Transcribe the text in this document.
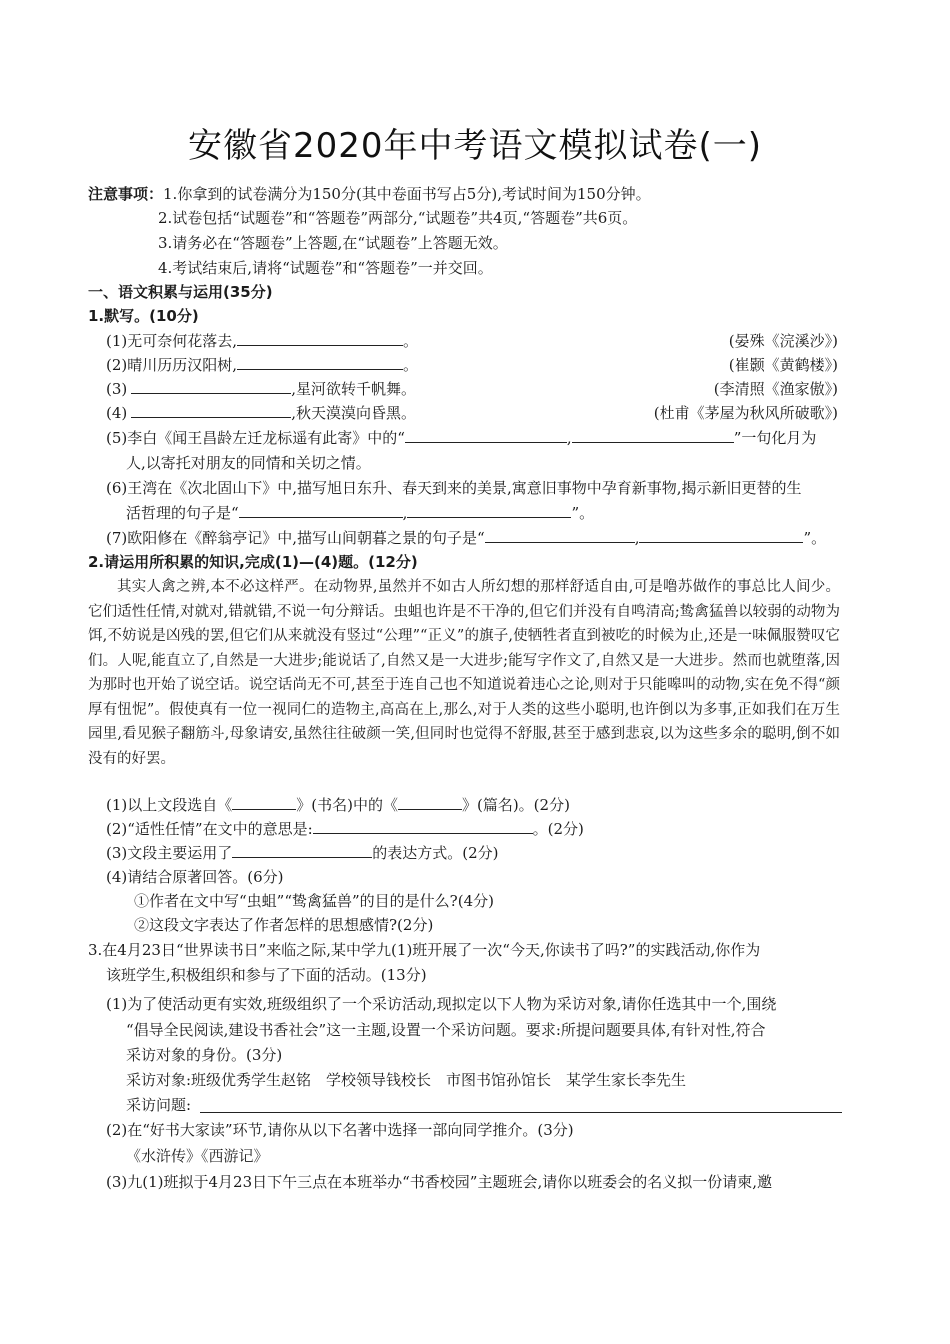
安徽省2020年中考语文模拟试卷(一)
注意事项：1.你拿到的试卷满分为150分(其中卷面书写占5分),考试时间为150分钟。
2.试卷包括“试题卷”和“答题卷”两部分,“试题卷”共4页,“答题卷”共6页。
3.请务必在“答题卷”上答题,在“试题卷”上答题无效。
4.考试结束后,请将“试题卷”和“答题卷”一并交回。
一、语文积累与运用(35分)
1.默写。(10分)
(1)无可奈何花落去,	。	(晏殊《浣溪沙》)
(2)晴川历历汉阳树,	。	(崔颢《黄鹤楼》)
(3)	,星河欲转千帆舞。	(李清照《渔家傲》)
(4)	,秋天漠漠向昏黑。	(杜甫《茅屋为秋风所破歌》)
(5)李白《闻王昌龄左迁龙标遥有此寄》中的“	,	”一句化月为
人,以寄托对朋友的同情和关切之情。
(6)王湾在《次北固山下》中,描写旭日东升、春天到来的美景,寓意旧事物中孕育新事物,揭示新旧更替的生
活哲理的句子是“	,	”。
(7)欧阳修在《醉翁亭记》中,描写山间朝暮之景的句子是“	,	”。
2.请运用所积累的知识,完成(1)—(4)题。(12分)
其实人禽之辨,本不必这样严。在动物界,虽然并不如古人所幻想的那样舒适自由,可是噜苏做作的事总比人间少。它们适性任情,对就对,错就错,不说一句分辩话。虫蛆也许是不干净的,但它们并没有自鸣清高;鸷禽猛兽以较弱的动物为饵,不妨说是凶残的罢,但它们从来就没有竖过“公理”“正义”的旗子,使牺牲者直到被吃的时候为止,还是一味佩服赞叹它们。人呢,能直立了,自然是一大进步;能说话了,自然又是一大进步;能写字作文了,自然又是一大进步。然而也就堕落,因为那时也开始了说空话。说空话尚无不可,甚至于连自己也不知道说着违心之论,则对于只能嗥叫的动物,实在免不得“颜厚有忸怩”。假使真有一位一视同仁的造物主,高高在上,那么,对于人类的这些小聪明,也许倒以为多事,正如我们在万生园里,看见猴子翻筋斗,母象请安,虽然往往破颜一笑,但同时也觉得不舒服,甚至于感到悲哀,以为这些多余的聪明,倒不如没有的好罢。
(1)以上文段选自《	》(书名)中的《	》(篇名)。(2分)
(2)“适性任情”在文中的意思是:	。(2分)
(3)文段主要运用了	的表达方式。(2分)
(4)请结合原著回答。(6分)
①作者在文中写“虫蛆”“鸷禽猛兽”的目的是什么?(4分)
②这段文字表达了作者怎样的思想感情?(2分)
3.在4月23日“世界读书日”来临之际,某中学九(1)班开展了一次“今天,你读书了吗?”的实践活动,你作为
该班学生,积极组织和参与了下面的活动。(13分)
(1)为了使活动更有实效,班级组织了一个采访活动,现拟定以下人物为采访对象,请你任选其中一个,围绕
“倡导全民阅读,建设书香社会”这一主题,设置一个采访问题。要求:所提问题要具体,有针对性,符合
采访对象的身份。(3分)
采访对象:班级优秀学生赵铭　学校领导钱校长　市图书馆孙馆长　某学生家长李先生
采访问题:
(2)在“好书大家读”环节,请你从以下名著中选择一部向同学推介。(3分)
《水浒传》《西游记》
(3)九(1)班拟于4月23日下午三点在本班举办“书香校园”主题班会,请你以班委会的名义拟一份请柬,邀
